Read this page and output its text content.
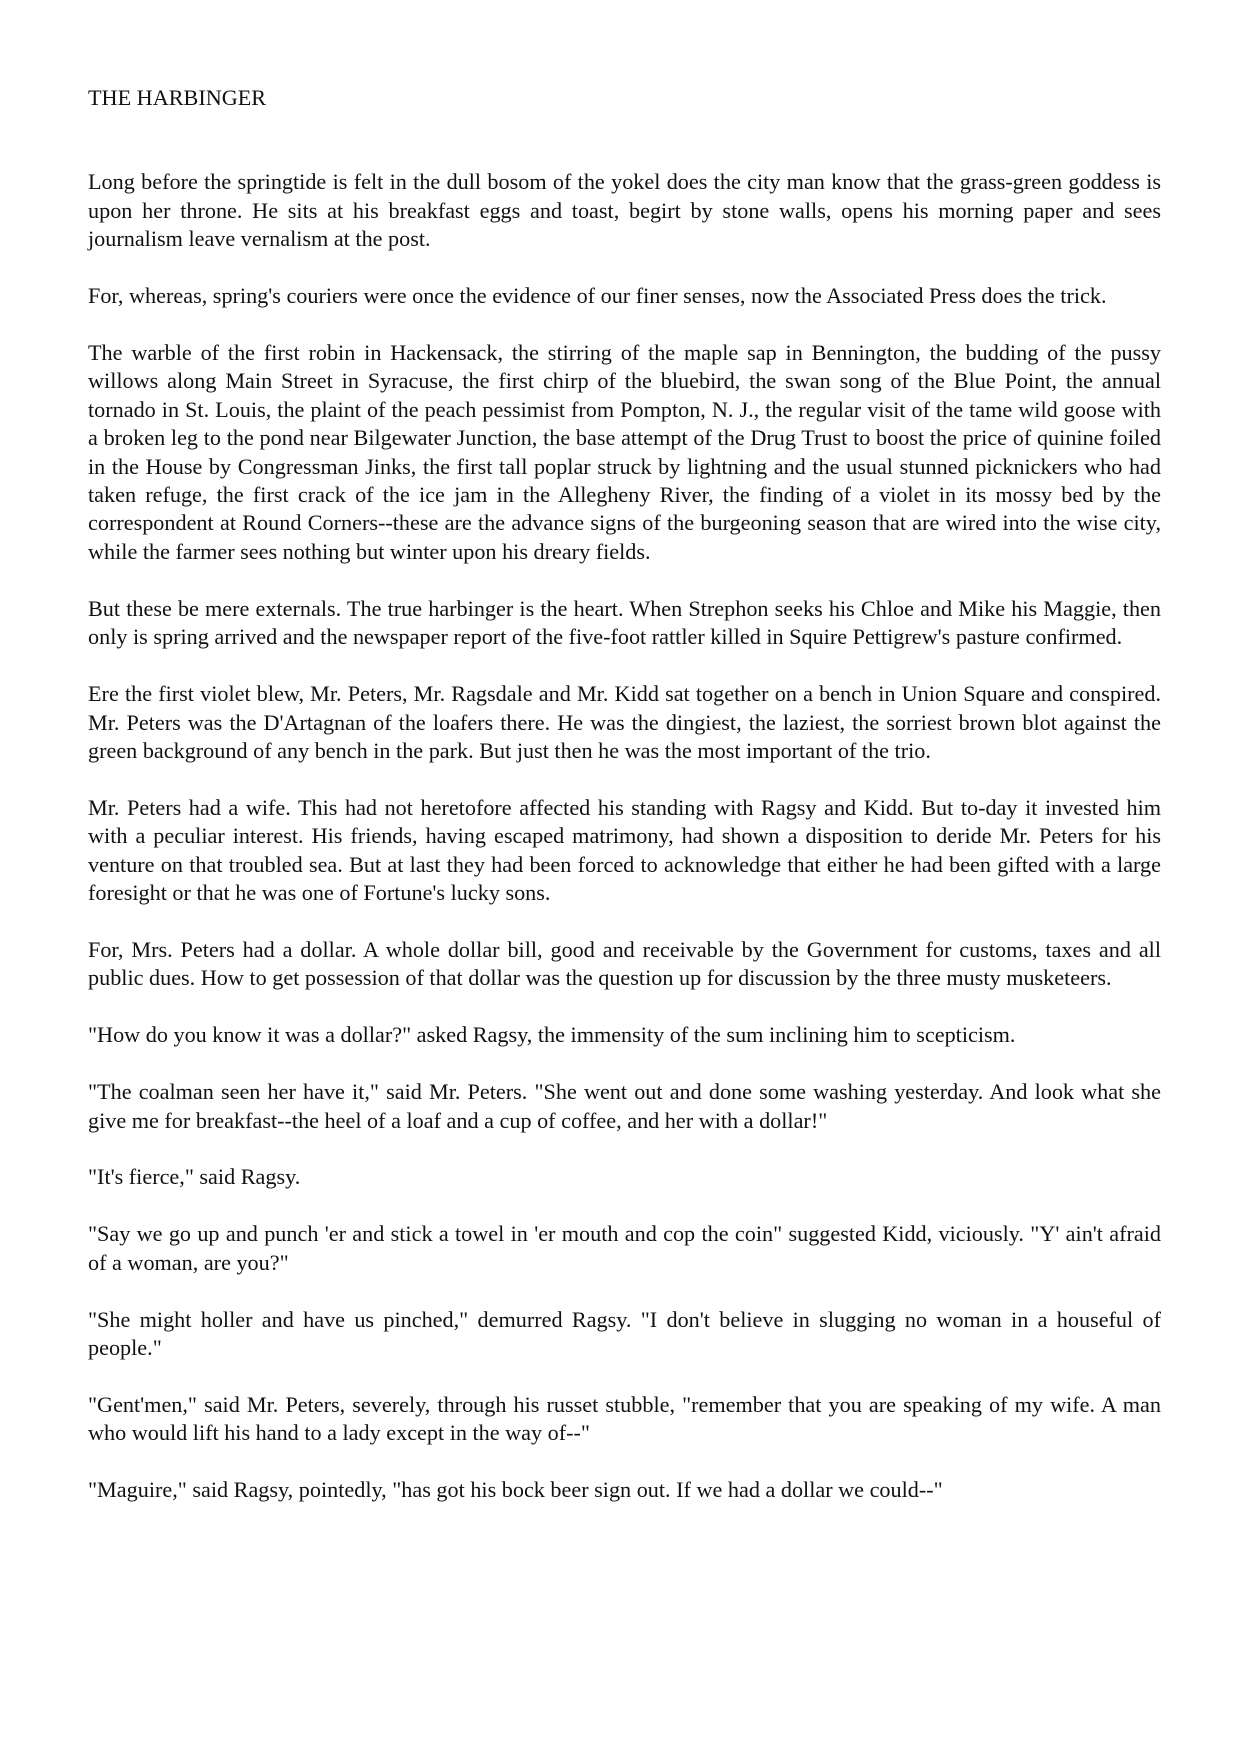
THE HARBINGER

Long before the springtide is felt in the dull bosom of the yokel does the city man know that the grass-green goddess is upon her throne. He sits at his breakfast eggs and toast, begirt by stone walls, opens his morning paper and sees journalism leave vernalism at the post.

For, whereas, spring's couriers were once the evidence of our finer senses, now the Associated Press does the trick.

The warble of the first robin in Hackensack, the stirring of the maple sap in Bennington, the budding of the pussy willows along Main Street in Syracuse, the first chirp of the bluebird, the swan song of the Blue Point, the annual tornado in St. Louis, the plaint of the peach pessimist from Pompton, N. J., the regular visit of the tame wild goose with a broken leg to the pond near Bilgewater Junction, the base attempt of the Drug Trust to boost the price of quinine foiled in the House by Congressman Jinks, the first tall poplar struck by lightning and the usual stunned picknickers who had taken refuge, the first crack of the ice jam in the Allegheny River, the finding of a violet in its mossy bed by the correspondent at Round Corners--these are the advance signs of the burgeoning season that are wired into the wise city, while the farmer sees nothing but winter upon his dreary fields.

But these be mere externals. The true harbinger is the heart. When Strephon seeks his Chloe and Mike his Maggie, then only is spring arrived and the newspaper report of the five-foot rattler killed in Squire Pettigrew's pasture confirmed.

Ere the first violet blew, Mr. Peters, Mr. Ragsdale and Mr. Kidd sat together on a bench in Union Square and conspired. Mr. Peters was the D'Artagnan of the loafers there. He was the dingiest, the laziest, the sorriest brown blot against the green background of any bench in the park. But just then he was the most important of the trio.

Mr. Peters had a wife. This had not heretofore affected his standing with Ragsy and Kidd. But to-day it invested him with a peculiar interest. His friends, having escaped matrimony, had shown a disposition to deride Mr. Peters for his venture on that troubled sea. But at last they had been forced to acknowledge that either he had been gifted with a large foresight or that he was one of Fortune's lucky sons.

For, Mrs. Peters had a dollar. A whole dollar bill, good and receivable by the Government for customs, taxes and all public dues. How to get possession of that dollar was the question up for discussion by the three musty musketeers.

"How do you know it was a dollar?" asked Ragsy, the immensity of the sum inclining him to scepticism.

"The coalman seen her have it," said Mr. Peters. "She went out and done some washing yesterday. And look what she give me for breakfast--the heel of a loaf and a cup of coffee, and her with a dollar!"

"It's fierce," said Ragsy.

"Say we go up and punch 'er and stick a towel in 'er mouth and cop the coin" suggested Kidd, viciously. "Y' ain't afraid of a woman, are you?"

"She might holler and have us pinched," demurred Ragsy. "I don't believe in slugging no woman in a houseful of people."

"Gent'men," said Mr. Peters, severely, through his russet stubble, "remember that you are speaking of my wife. A man who would lift his hand to a lady except in the way of--"

"Maguire," said Ragsy, pointedly, "has got his bock beer sign out. If we had a dollar we could--"
